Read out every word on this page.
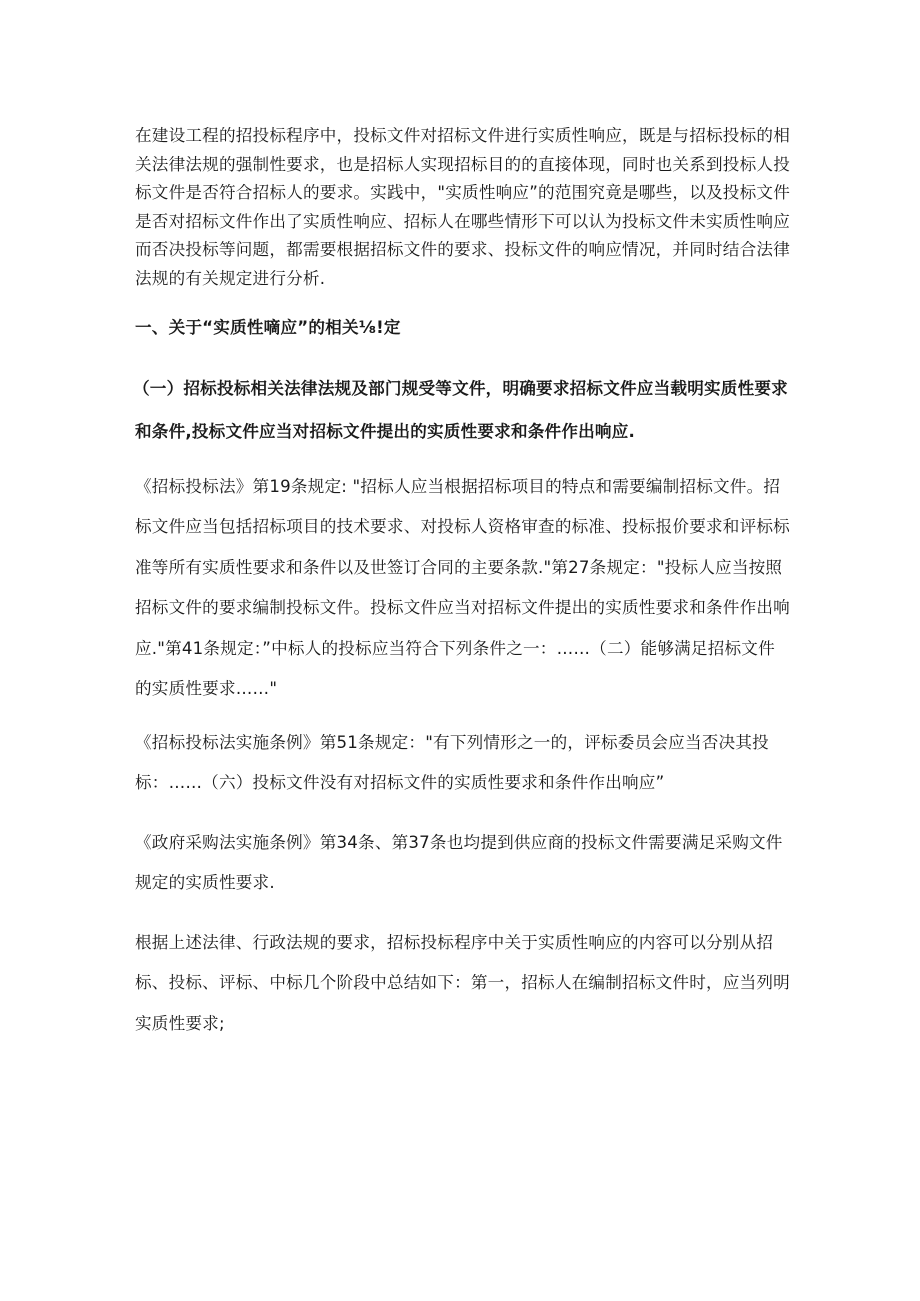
在建设工程的招投标程序中，投标文件对招标文件进行实质性响应，既是与招标投标的相关法律法规的强制性要求，也是招标人实现招标目的的直接体现，同时也关系到投标人投标文件是否符合招标人的要求。实践中，"实质性响应”的范围究竟是哪些，以及投标文件是否对招标文件作出了实质性响应、招标人在哪些情形下可以认为投标文件未实质性响应而否决投标等问题，都需要根据招标文件的要求、投标文件的响应情况，并同时结合法律法规的有关规定进行分析.

一、关于“实质性嘀应”的相关⅛!定

（一）招标投标相关法律法规及部门规受等文件，明确要求招标文件应当载明实质性要求和条件,投标文件应当对招标文件提出的实质性要求和条件作出响应.

《招标投标法》第19条规定: "招标人应当根据招标项目的特点和需要编制招标文件。招标文件应当包括招标项目的技术要求、对投标人资格审查的标准、投标报价要求和评标标准等所有实质性要求和条件以及世签订合同的主要条款."第27条规定："投标人应当按照招标文件的要求编制投标文件。投标文件应当对招标文件提出的实质性要求和条件作出响应."第41条规定：”中标人的投标应当符合下列条件之一：……（二）能够满足招标文件的实质性要求……"

《招标投标法实施条例》第51条规定："有下列情形之一的，评标委员会应当否决其投标：……（六）投标文件没有对招标文件的实质性要求和条件作出响应”

《政府采购法实施条例》第34条、第37条也均提到供应商的投标文件需要满足采购文件规定的实质性要求.

根据上述法律、行政法规的要求，招标投标程序中关于实质性响应的内容可以分别从招标、投标、评标、中标几个阶段中总结如下：第一，招标人在编制招标文件时，应当列明实质性要求;
